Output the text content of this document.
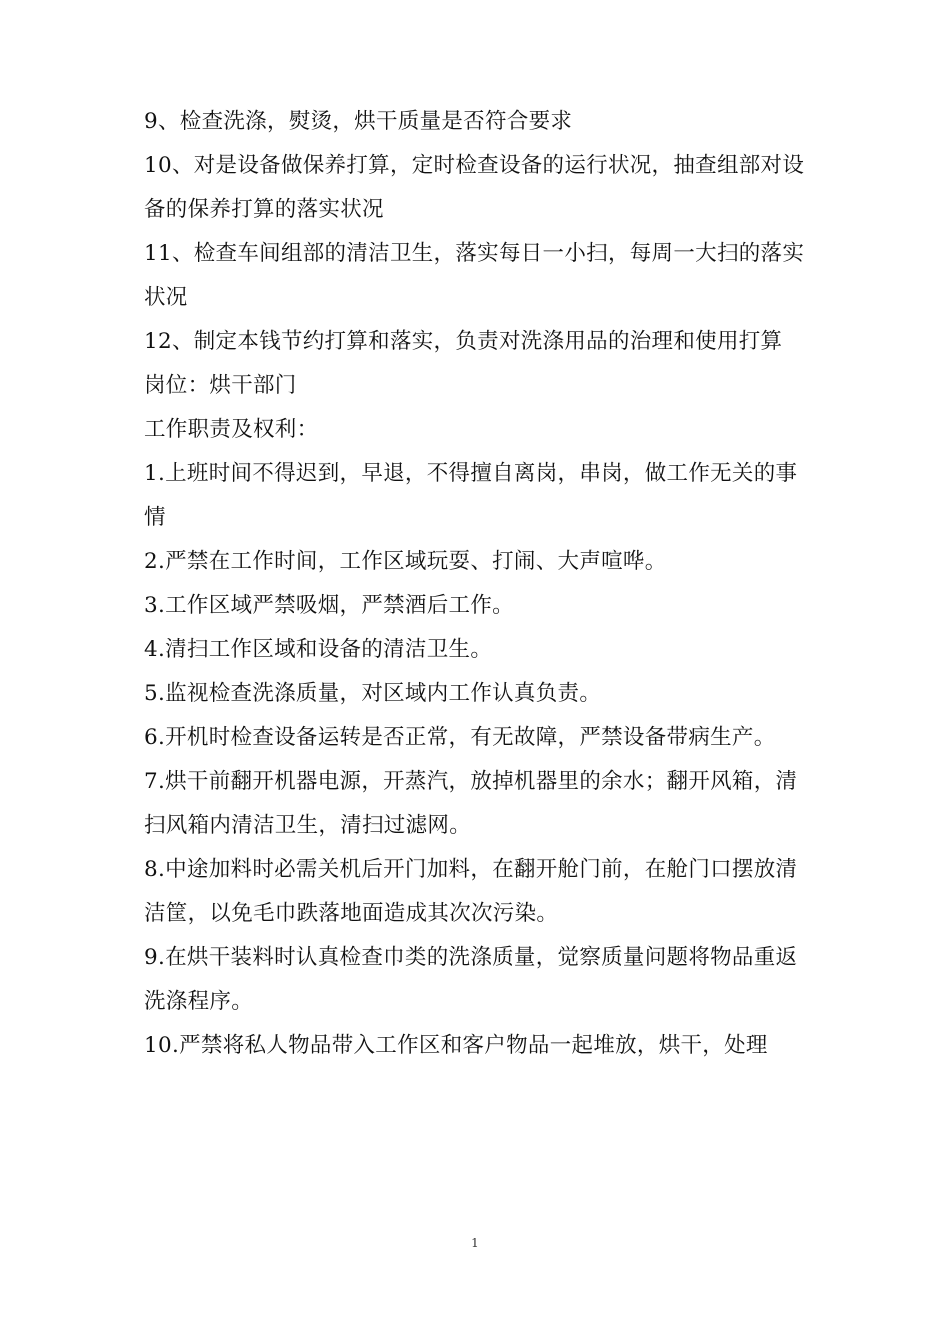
9、检查洗涤，熨烫，烘干质量是否符合要求
10、对是设备做保养打算，定时检查设备的运行状况，抽查组部对设
备的保养打算的落实状况
11、检查车间组部的清洁卫生，落实每日一小扫，每周一大扫的落实
状况
12、制定本钱节约打算和落实，负责对洗涤用品的治理和使用打算
岗位：烘干部门
工作职责及权利：
1.上班时间不得迟到，早退，不得擅自离岗，串岗，做工作无关的事
情
2.严禁在工作时间，工作区域玩耍、打闹、大声喧哗。
3.工作区域严禁吸烟，严禁酒后工作。
4.清扫工作区域和设备的清洁卫生。
5.监视检查洗涤质量，对区域内工作认真负责。
6.开机时检查设备运转是否正常，有无故障，严禁设备带病生产。
7.烘干前翻开机器电源，开蒸汽，放掉机器里的余水；翻开风箱，清
扫风箱内清洁卫生，清扫过滤网。
8.中途加料时必需关机后开门加料，在翻开舱门前，在舱门口摆放清
洁筐，以免毛巾跌落地面造成其次次污染。
9.在烘干装料时认真检查巾类的洗涤质量，觉察质量问题将物品重返
洗涤程序。
10.严禁将私人物品带入工作区和客户物品一起堆放，烘干，处理
1
